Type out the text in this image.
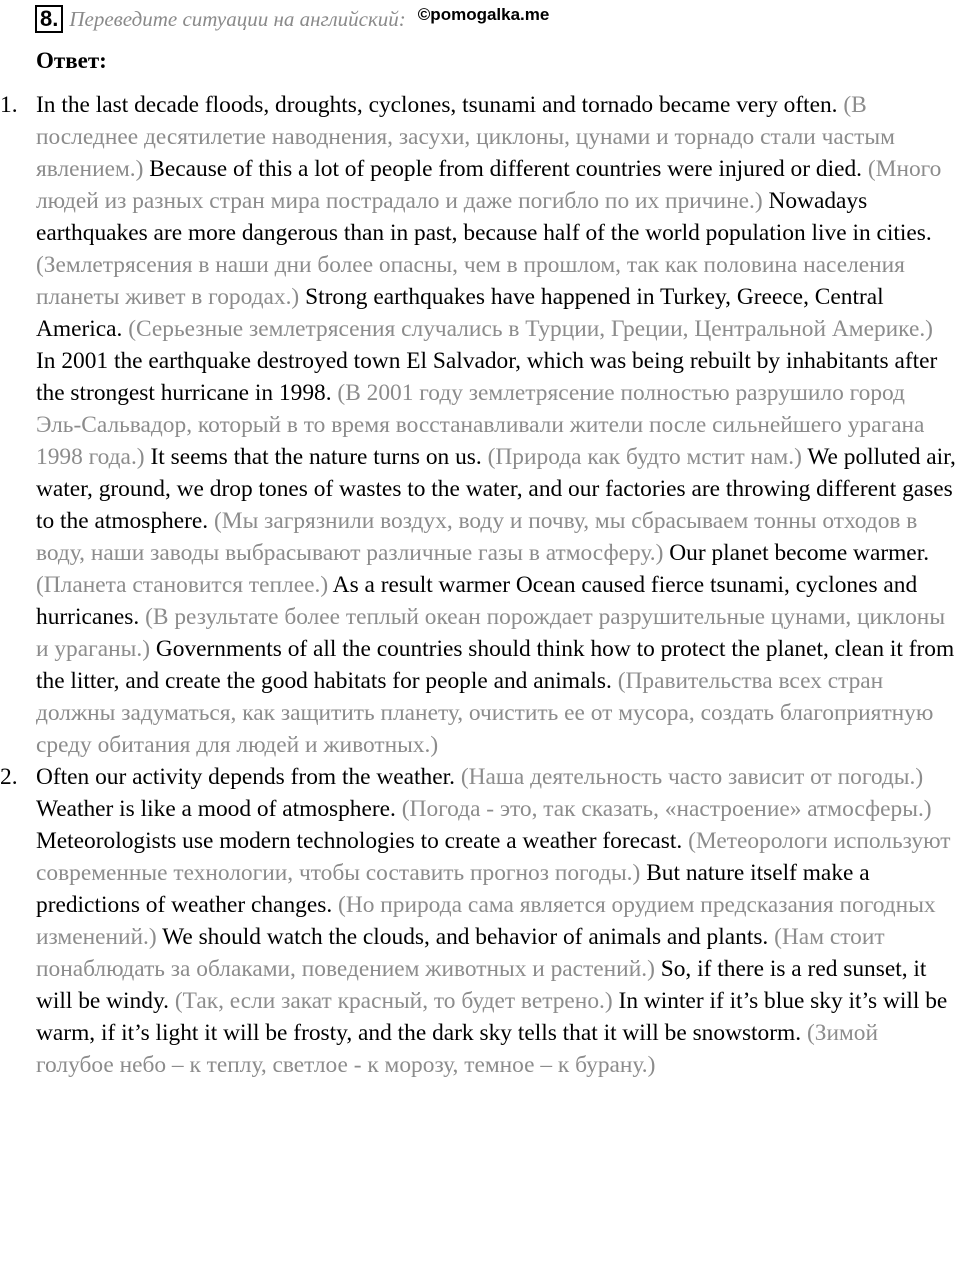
8. Переведите ситуации на английский: ©pomogalka.me
Ответ:
1. In the last decade floods, droughts, cyclones, tsunami and tornado became very often. (В последнее десятилетие наводнения, засухи, циклоны, цунами и торнадо стали частым явлением.) Because of this a lot of people from different countries were injured or died. (Много людей из разных стран мира пострадало и даже погибло по их причине.) Nowadays earthquakes are more dangerous than in past, because half of the world population live in cities. (Землетрясения в наши дни более опасны, чем в прошлом, так как половина населения планеты живет в городах.) Strong earthquakes have happened in Turkey, Greece, Central America. (Серьезные землетрясения случались в Турции, Греции, Центральной Америке.) In 2001 the earthquake destroyed town El Salvador, which was being rebuilt by inhabitants after the strongest hurricane in 1998. (В 2001 году землетрясение полностью разрушило город Эль-Сальвадор, который в то время восстанавливали жители после сильнейшего урагана 1998 года.) It seems that the nature turns on us. (Природа как будто мстит нам.) We polluted air, water, ground, we drop tones of wastes to the water, and our factories are throwing different gases to the atmosphere. (Мы загрязнили воздух, воду и почву, мы сбрасываем тонны отходов в воду, наши заводы выбрасывают различные газы в атмосферу.) Our planet become warmer. (Планета становится теплее.) As a result warmer Ocean caused fierce tsunami, cyclones and hurricanes. (В результате более теплый океан порождает разрушительные цунами, циклоны и ураганы.) Governments of all the countries should think how to protect the planet, clean it from the litter, and create the good habitats for people and animals. (Правительства всех стран должны задуматься, как защитить планету, очистить ее от мусора, создать благоприятную среду обитания для людей и животных.)
2. Often our activity depends from the weather. (Наша деятельность часто зависит от погоды.) Weather is like a mood of atmosphere. (Погода - это, так сказать, «настроение» атмосферы.) Meteorologists use modern technologies to create a weather forecast. (Метеорологи используют современные технологии, чтобы составить прогноз погоды.) But nature itself make a predictions of weather changes. (Но природа сама является орудием предсказания погодных изменений.) We should watch the clouds, and behavior of animals and plants. (Нам стоит понаблюдать за облаками, поведением животных и растений.) So, if there is a red sunset, it will be windy. (Так, если закат красный, то будет ветрено.) In winter if it’s blue sky it’s will be warm, if it’s light it will be frosty, and the dark sky tells that it will be snowstorm. (Зимой голубое небо – к теплу, светлое - к морозу, темное – к бурану.)
